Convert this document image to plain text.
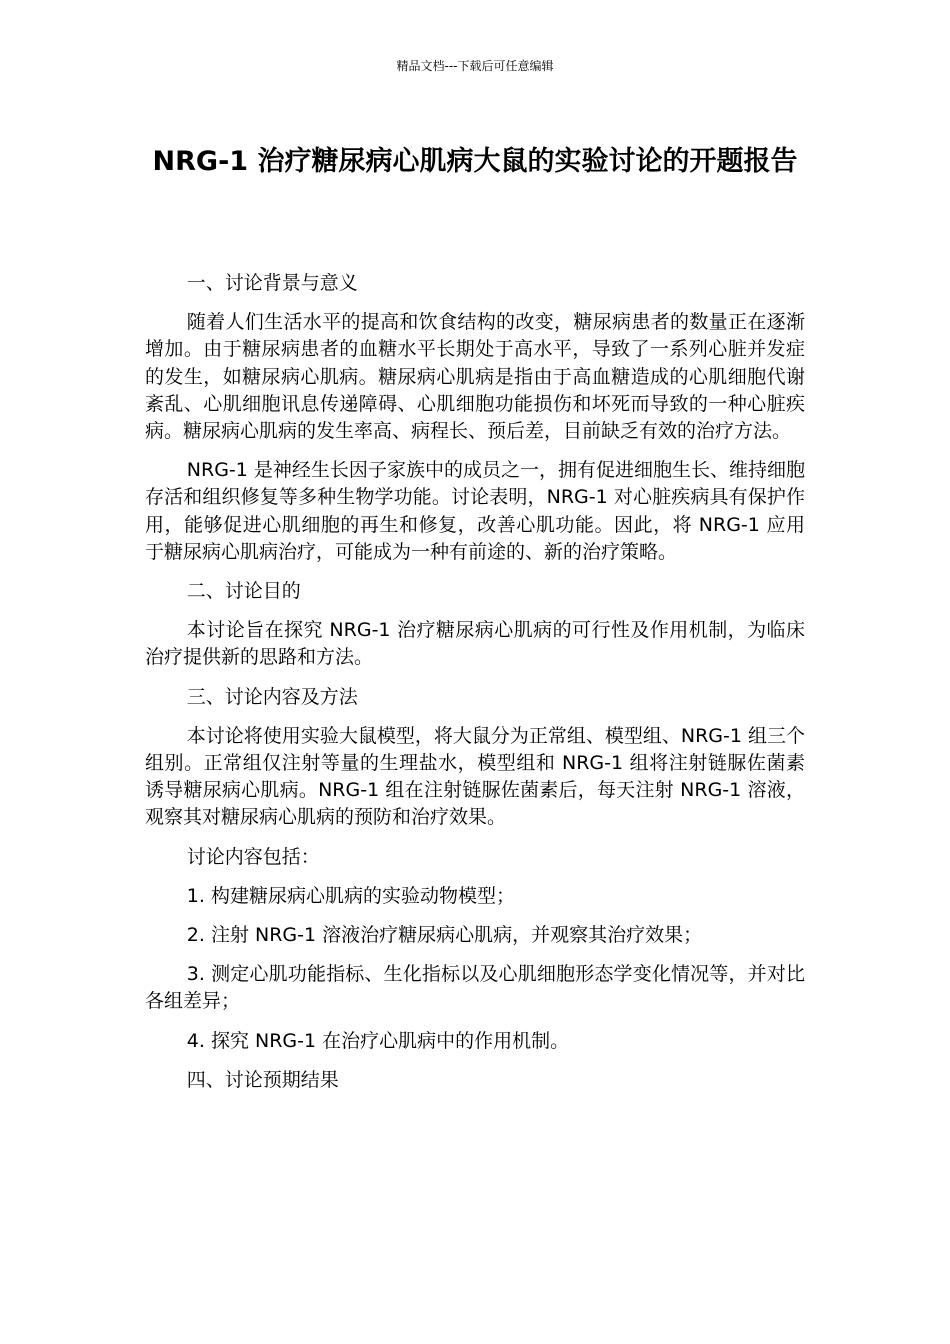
精品文档---下载后可任意编辑
NRG-1 治疗糖尿病心肌病大鼠的实验讨论的开题报告

一、讨论背景与意义

随着人们生活水平的提高和饮食结构的改变，糖尿病患者的数量正在逐渐增加。由于糖尿病患者的血糖水平长期处于高水平，导致了一系列心脏并发症的发生，如糖尿病心肌病。糖尿病心肌病是指由于高血糖造成的心肌细胞代谢紊乱、心肌细胞讯息传递障碍、心肌细胞功能损伤和坏死而导致的一种心脏疾病。糖尿病心肌病的发生率高、病程长、预后差，目前缺乏有效的治疗方法。

NRG-1 是神经生长因子家族中的成员之一，拥有促进细胞生长、维持细胞存活和组织修复等多种生物学功能。讨论表明，NRG-1 对心脏疾病具有保护作用，能够促进心肌细胞的再生和修复，改善心肌功能。因此，将 NRG-1 应用于糖尿病心肌病治疗，可能成为一种有前途的、新的治疗策略。

二、讨论目的

本讨论旨在探究 NRG-1 治疗糖尿病心肌病的可行性及作用机制，为临床治疗提供新的思路和方法。

三、讨论内容及方法

本讨论将使用实验大鼠模型，将大鼠分为正常组、模型组、NRG-1 组三个组别。正常组仅注射等量的生理盐水，模型组和 NRG-1 组将注射链脲佐菌素诱导糖尿病心肌病。NRG-1 组在注射链脲佐菌素后，每天注射 NRG-1 溶液，观察其对糖尿病心肌病的预防和治疗效果。

讨论内容包括：

1. 构建糖尿病心肌病的实验动物模型；

2. 注射 NRG-1 溶液治疗糖尿病心肌病，并观察其治疗效果；

3. 测定心肌功能指标、生化指标以及心肌细胞形态学变化情况等，并对比各组差异；

4. 探究 NRG-1 在治疗心肌病中的作用机制。

四、讨论预期结果
